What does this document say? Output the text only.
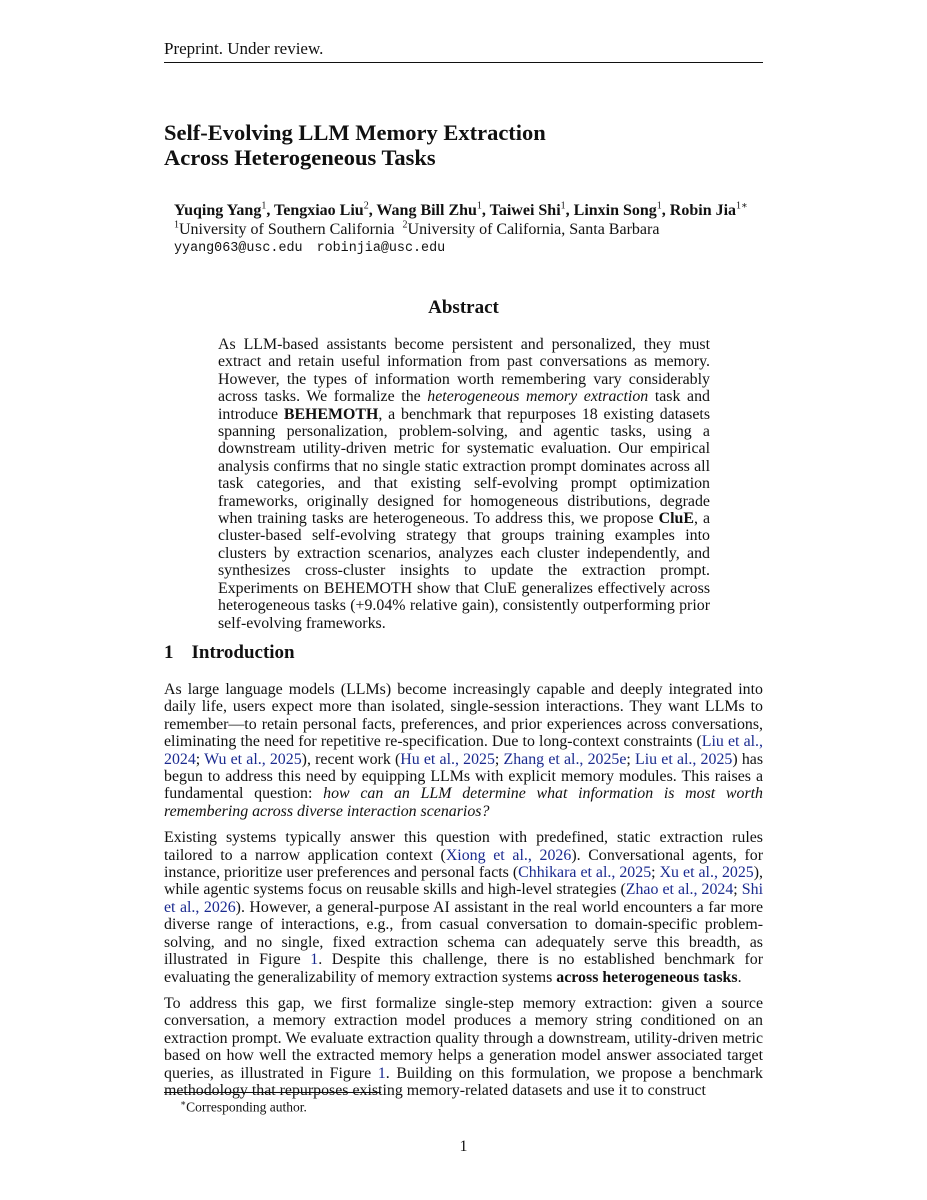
Preprint. Under review.
Self-Evolving LLM Memory Extraction
Across Heterogeneous Tasks
Yuqing Yang$^1$, Tengxiao Liu$^2$, Wang Bill Zhu$^1$, Taiwei Shi$^1$, Linxin Song$^1$, Robin Jia$^{1∗}$
$^1$University of Southern California  $^2$University of California, Santa Barbara
yyang063@usc.edu robinjia@usc.edu
Abstract
As LLM-based assistants become persistent and personalized, they must extract and retain useful information from past conversations as memory. However, the types of information worth remembering vary considerably across tasks. We formalize the heterogeneous memory extraction task and introduce BEHEMOTH, a benchmark that repurposes 18 existing datasets spanning personalization, problem-solving, and agentic tasks, using a downstream utility-driven metric for systematic evaluation. Our empirical analysis confirms that no single static extraction prompt dominates across all task categories, and that existing self-evolving prompt optimization frameworks, originally designed for homogeneous distributions, degrade when training tasks are heterogeneous. To address this, we propose CluE, a cluster-based self-evolving strategy that groups training examples into clusters by extraction scenarios, analyzes each cluster independently, and synthesizes cross-cluster insights to update the extraction prompt. Experiments on BEHEMOTH show that CluE generalizes effectively across heterogeneous tasks (+9.04% relative gain), consistently outperforming prior self-evolving frameworks.
1 Introduction

As large language models (LLMs) become increasingly capable and deeply integrated into daily life, users expect more than isolated, single-session interactions. They want LLMs to remember—to retain personal facts, preferences, and prior experiences across conversations, eliminating the need for repetitive re-specification. Due to long-context constraints (Liu et al., 2024; Wu et al., 2025), recent work (Hu et al., 2025; Zhang et al., 2025e; Liu et al., 2025) has begun to address this need by equipping LLMs with explicit memory modules. This raises a fundamental question: how can an LLM determine what information is most worth remembering across diverse interaction scenarios?

Existing systems typically answer this question with predefined, static extraction rules tailored to a narrow application context (Xiong et al., 2026). Conversational agents, for instance, prioritize user preferences and personal facts (Chhikara et al., 2025; Xu et al., 2025), while agentic systems focus on reusable skills and high-level strategies (Zhao et al., 2024; Shi et al., 2026). However, a general-purpose AI assistant in the real world encounters a far more diverse range of interactions, e.g., from casual conversation to domain-specific problem-solving, and no single, fixed extraction schema can adequately serve this breadth, as illustrated in Figure 1. Despite this challenge, there is no established benchmark for evaluating the generalizability of memory extraction systems across heterogeneous tasks.

To address this gap, we first formalize single-step memory extraction: given a source conversation, a memory extraction model produces a memory string conditioned on an extraction prompt. We evaluate extraction quality through a downstream, utility-driven metric based on how well the extracted memory helps a generation model answer associated target queries, as illustrated in Figure 1. Building on this formulation, we propose a benchmark methodology that repurposes existing memory-related datasets and use it to construct

∗Corresponding author.
1
